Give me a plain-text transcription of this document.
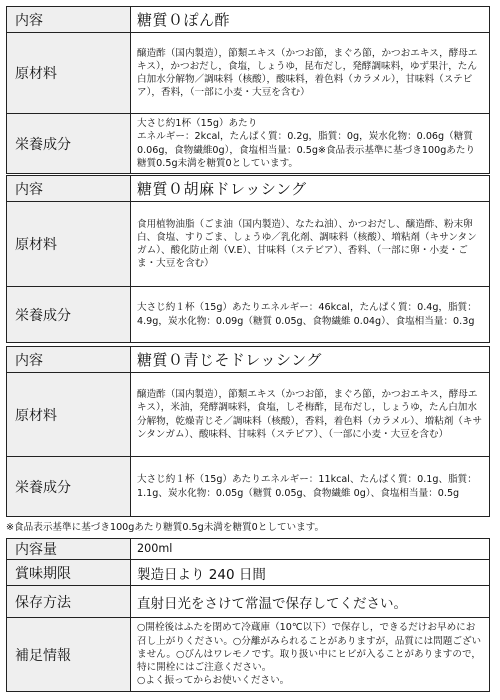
内容	糖質０ぽん酢
原材料	醸造酢（国内製造），節類エキス（かつお節，まぐろ節，かつおエキス，酵母エキス），かつおだし，食塩，しょうゆ，昆布だし，発酵調味料，ゆず果汁，たん白加水分解物／調味料（核酸），酸味料，着色料（カラメル），甘味料（ステビア），香料，（一部に小麦・大豆を含む）
栄養成分	大さじ約1杯（15g）あたり
エネルギー：2kcal，たんぱく質：0.2g，脂質：0g，炭水化物：0.06g（糖質0.06g，食物繊維0g），食塩相当量：0.5g※食品表示基準に基づき100gあたり糖質0.5g未満を糖質0としています。
内容	糖質０胡麻ドレッシング
原材料	食用植物油脂（ごま油（国内製造）、なたね油）、かつおだし、醸造酢、粉末卵白、食塩、すりごま、しょうゆ／乳化剤、調味料（核酸）、増粘剤（キサンタンガム）、酸化防止剤（V.E）、甘味料（ステビア）、香料、（一部に卵・小麦・ごま・大豆を含む）
栄養成分	大さじ約１杯（15g）あたりエネルギー：46kcal，たんぱく質：0.4g，脂質：4.9g，炭水化物：0.09g（糖質 0.05g、食物繊維 0.04g）、食塩相当量：0.3g
内容	糖質０青じそドレッシング
原材料	醸造酢（国内製造），節類エキス（かつお節，まぐろ節，かつおエキス，酵母エキス），米油，発酵調味料，食塩，しそ梅酢，昆布だし，しょうゆ，たん白加水分解物，乾燥青じそ／調味料（核酸），香料，着色料（カラメル）、増粘剤（キサンタンガム）、酸味料、甘味料（ステビア）、（一部に小麦・大豆を含む）
栄養成分	大さじ約１杯（15g）あたりエネルギー：11kcal、たんぱく質：0.1g、脂質：1.1g、炭水化物：0.05g（糖質 0.05g、食物繊維 0g）、食塩相当量：0.5g
※食品表示基準に基づき100gあたり糖質0.5g未満を糖質0としています。
内容量	200ml
賞味期限	製造日より 240 日間
保存方法	直射日光をさけて常温で保存してください。
補足情報	○開栓後はふたを閉めて冷蔵庫（10℃以下）で保存し，できるだけお早めにお召し上がりください。○分離がみられることがありますが，品質には問題ございません。○びんはワレモノです。取り扱い中にヒビが入ることがありますので，特に開栓にはご注意ください。
○よく振ってからお使いください。
